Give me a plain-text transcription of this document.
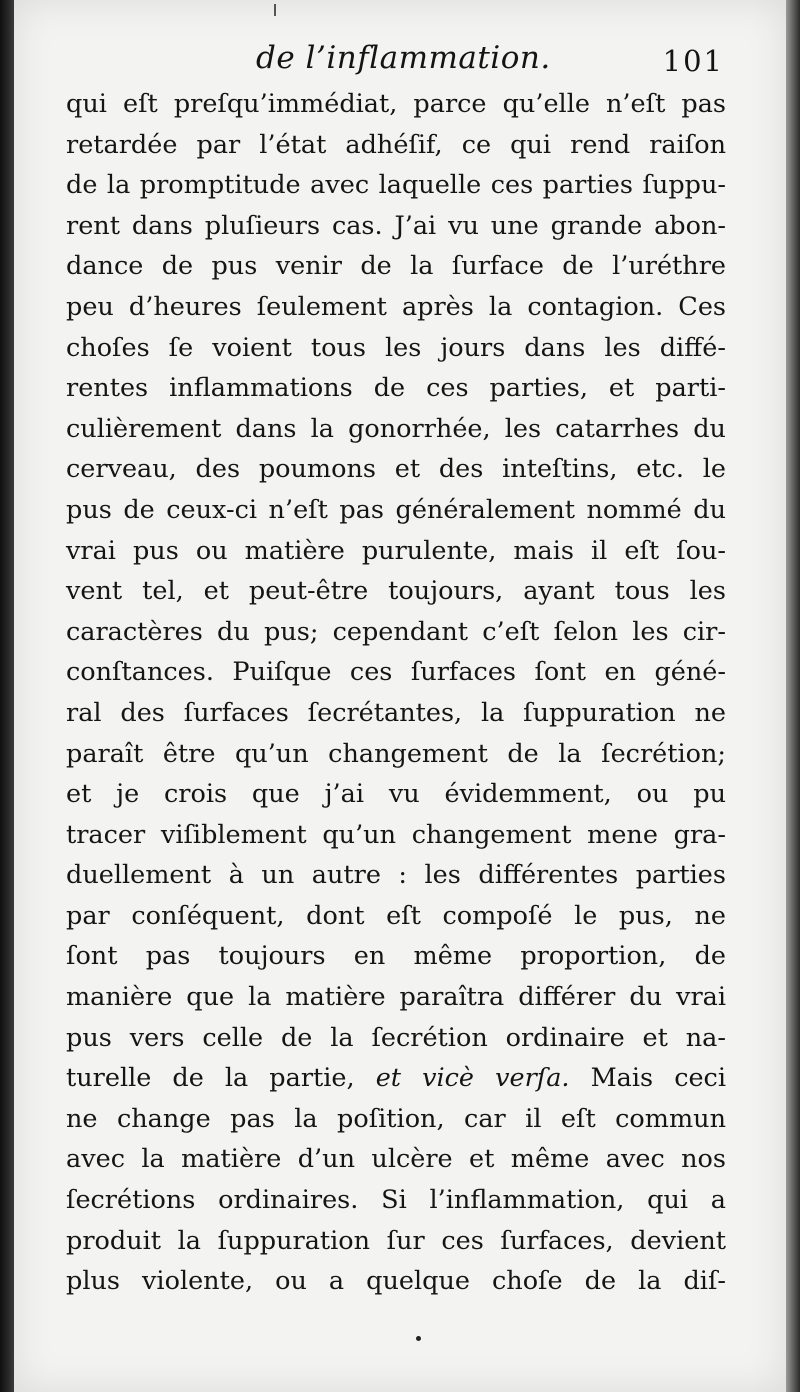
de l’inflammation.	101
qui eſt preſqu’immédiat, parce qu’elle n’eſt pas
retardée par l’état adhéſif, ce qui rend raiſon
de la promptitude avec laquelle ces parties ſuppu-
rent dans pluſieurs cas. J’ai vu une grande abon-
dance de pus venir de la ſurface de l’uréthre
peu d’heures ſeulement après la contagion. Ces
choſes ſe voient tous les jours dans les diffé-
rentes inflammations de ces parties, et parti-
culièrement dans la gonorrhée, les catarrhes du
cerveau, des poumons et des inteſtins, etc. le
pus de ceux-ci n’eſt pas généralement nommé du
vrai pus ou matière purulente, mais il eſt ſou-
vent tel, et peut-être toujours, ayant tous les
caractères du pus; cependant c’eſt ſelon les cir-
conſtances. Puiſque ces ſurfaces ſont en géné-
ral des ſurfaces ſecrétantes, la ſuppuration ne
paraît être qu’un changement de la ſecrétion;
et je crois que j’ai vu évidemment, ou pu
tracer viſiblement qu’un changement mene gra-
duellement à un autre : les différentes parties
par conſéquent, dont eſt compoſé le pus, ne
ſont pas toujours en même proportion, de
manière que la matière paraîtra différer du vrai
pus vers celle de la ſecrétion ordinaire et na-
turelle de la partie, et vicè verſa. Mais ceci
ne change pas la poſition, car il eſt commun
avec la matière d’un ulcère et même avec nos
ſecrétions ordinaires. Si l’inflammation, qui a
produit la ſuppuration ſur ces ſurfaces, devient
plus violente, ou a quelque choſe de la diſ-
